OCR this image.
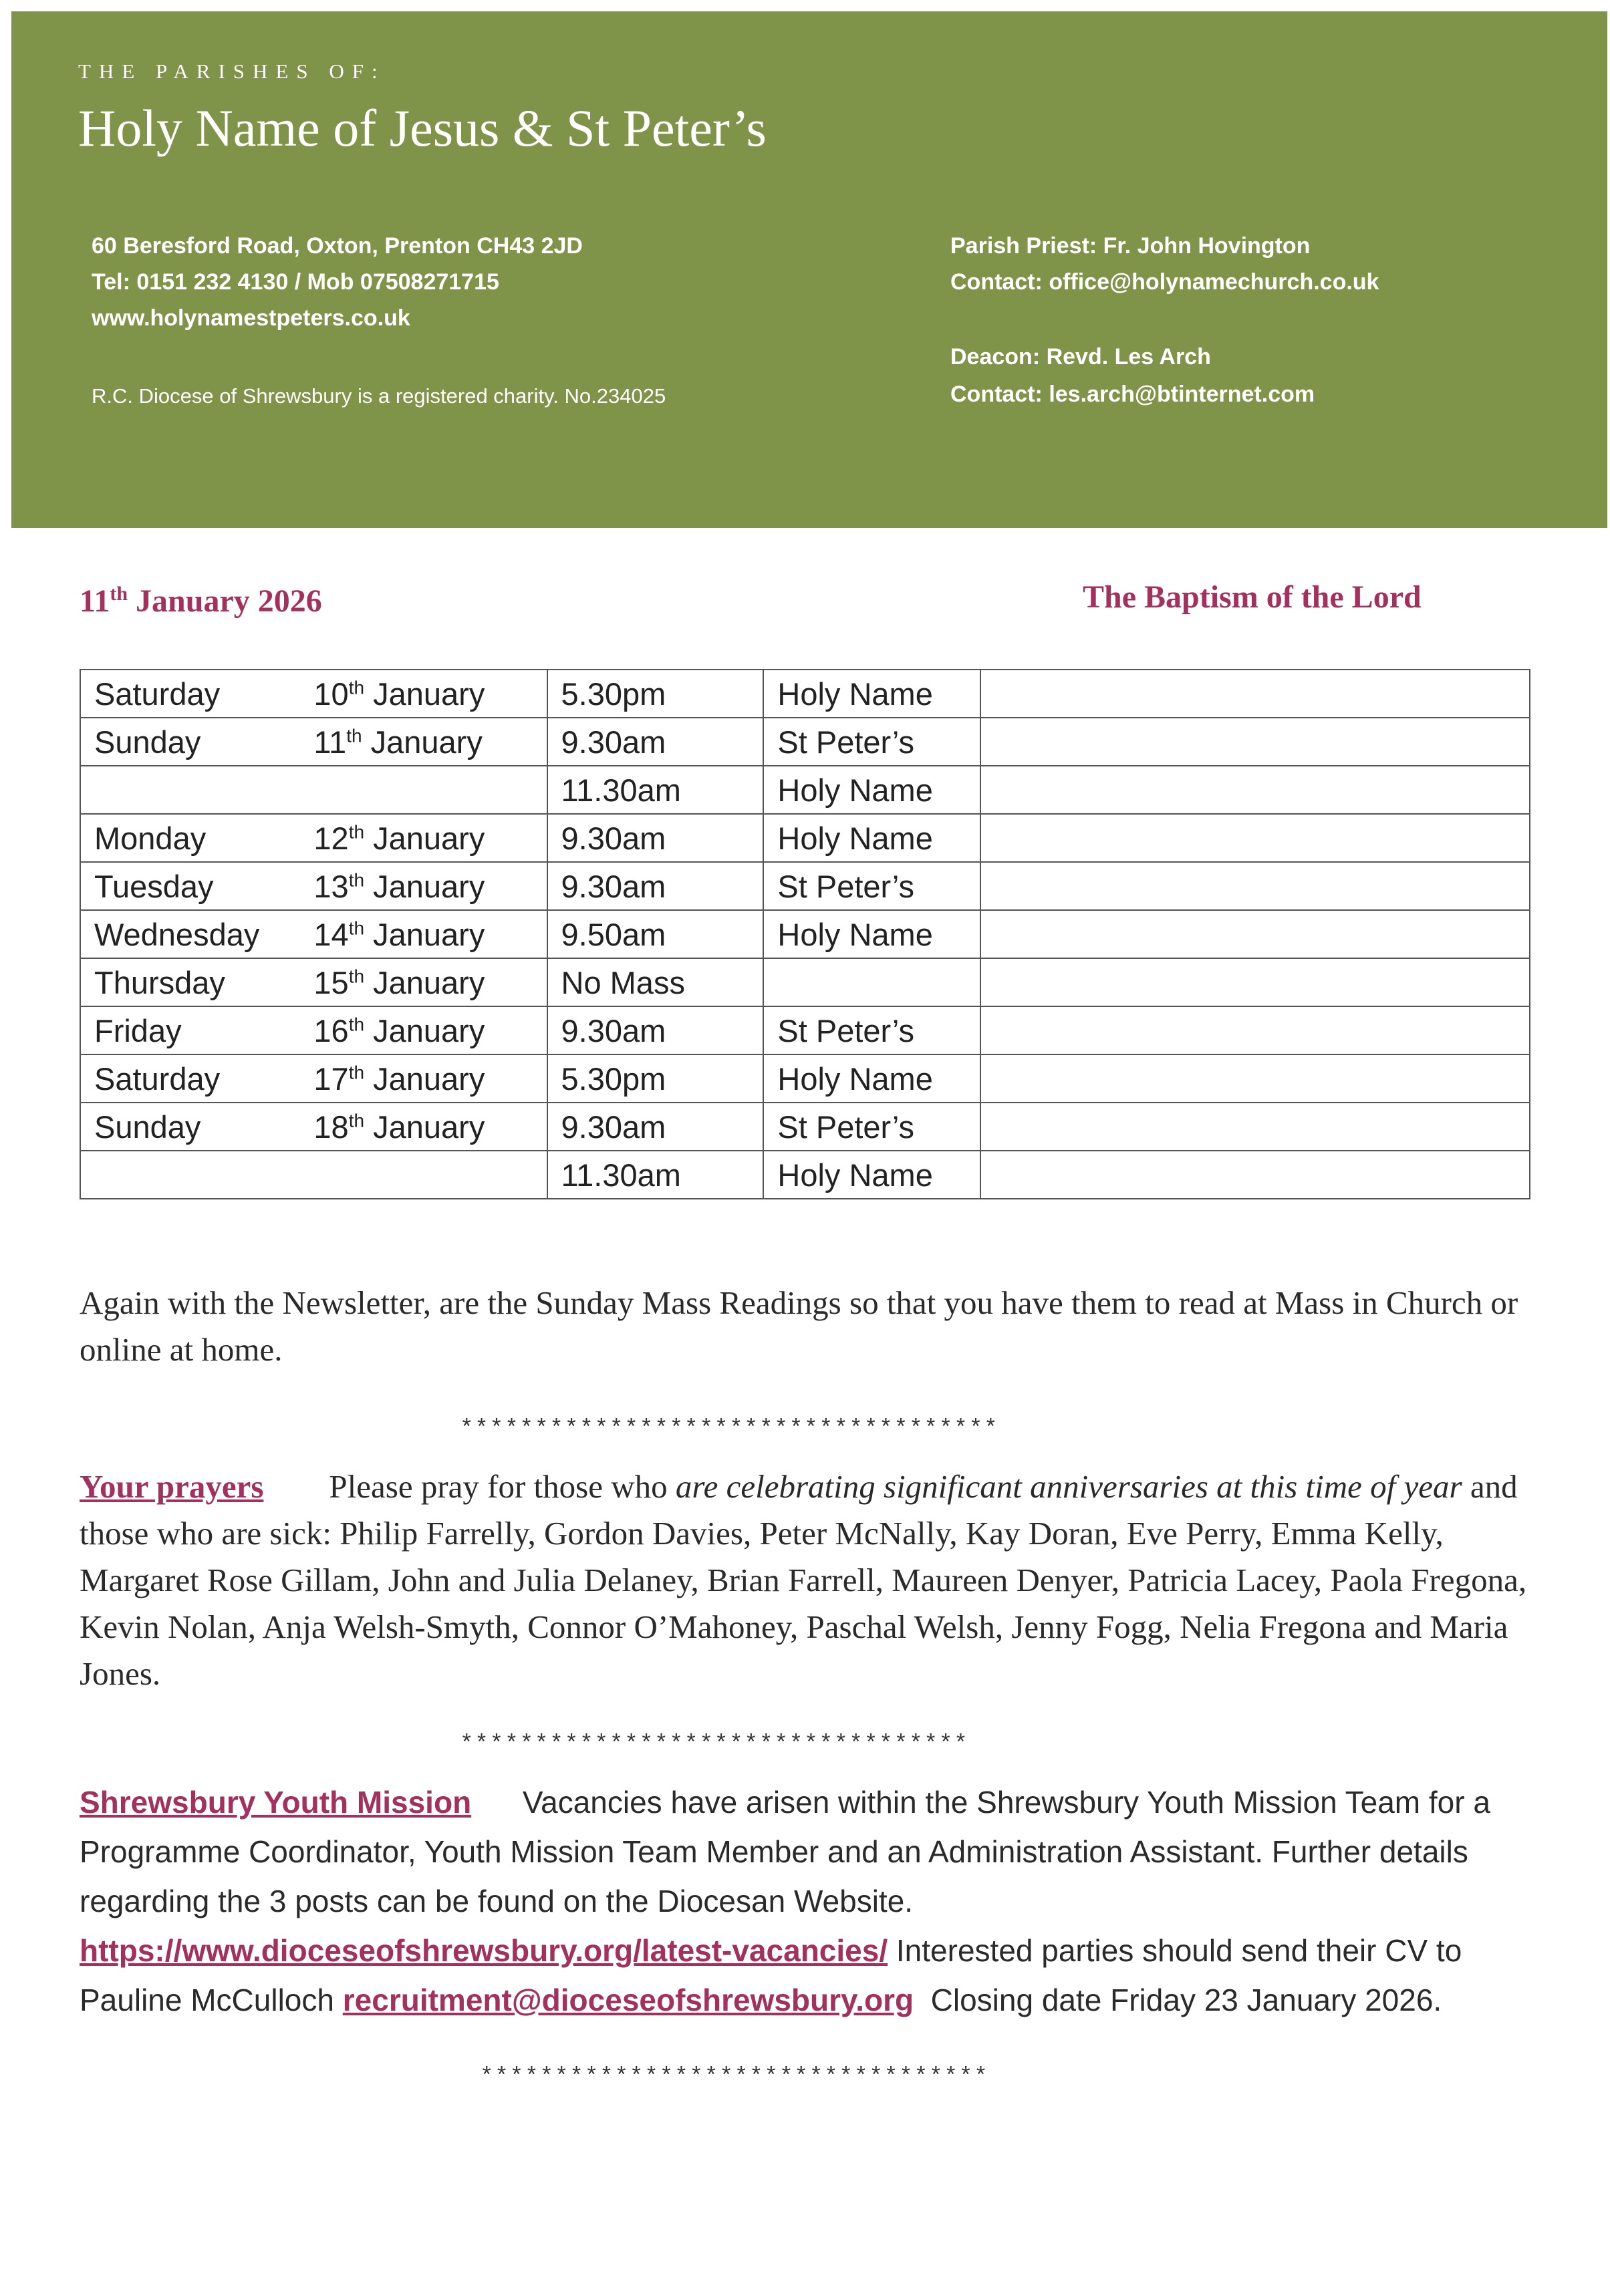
THE PARISHES OF:
Holy Name of Jesus & St Peter’s
60 Beresford Road, Oxton, Prenton CH43 2JD
Tel: 0151 232 4130 / Mob 07508271715
www.holynamestpeters.co.uk
R.C. Diocese of Shrewsbury is a registered charity. No.234025
Parish Priest: Fr. John Hovington
Contact: office@holynamechurch.co.uk
Deacon: Revd. Les Arch
Contact: les.arch@btinternet.com
11th January 2026	The Baptism of the Lord
Saturday	10th January	5.30pm	Holy Name	
Sunday	11th January	9.30am	St Peter’s	
		11.30am	Holy Name	
Monday	12th January	9.30am	Holy Name	
Tuesday	13th January	9.30am	St Peter’s	
Wednesday	14th January	9.50am	Holy Name	
Thursday	15th January	No Mass		
Friday	16th January	9.30am	St Peter’s	
Saturday	17th January	5.30pm	Holy Name	
Sunday	18th January	9.30am	St Peter’s	
		11.30am	Holy Name	
Again with the Newsletter, are the Sunday Mass Readings so that you have them to read at Mass in Church or online at home.
************************************
Your prayers Please pray for those who are celebrating significant anniversaries at this time of year and those who are sick: Philip Farrelly, Gordon Davies, Peter McNally, Kay Doran, Eve Perry, Emma Kelly, Margaret Rose Gillam, John and Julia Delaney, Brian Farrell, Maureen Denyer, Patricia Lacey, Paola Fregona, Kevin Nolan, Anja Welsh-Smyth, Connor O’Mahoney, Paschal Welsh, Jenny Fogg, Nelia Fregona and Maria Jones.
**********************************
Shrewsbury Youth Mission Vacancies have arisen within the Shrewsbury Youth Mission Team for a Programme Coordinator, Youth Mission Team Member and an Administration Assistant. Further details regarding the 3 posts can be found on the Diocesan Website. https://www.dioceseofshrewsbury.org/latest-vacancies/ Interested parties should send their CV to Pauline McCulloch recruitment@dioceseofshrewsbury.org Closing date Friday 23 January 2026.
**********************************
